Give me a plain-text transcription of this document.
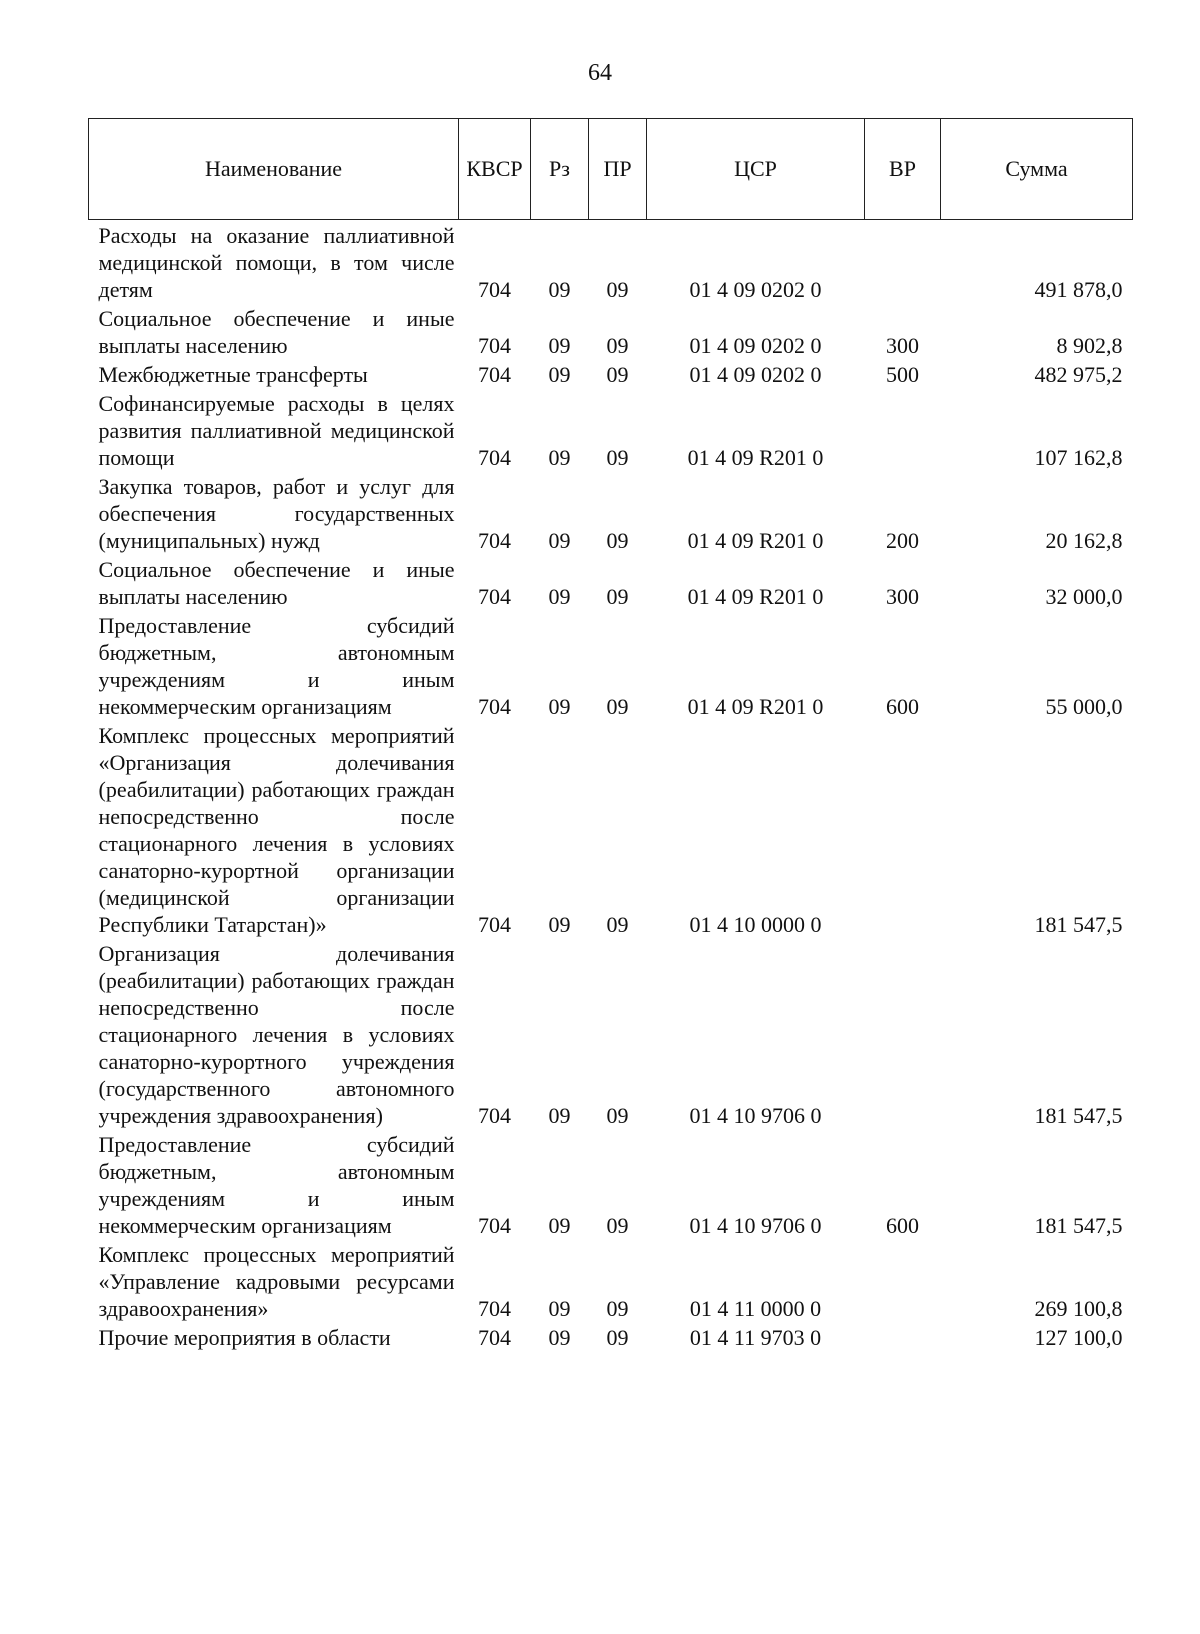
64
Наименование	КВСР	Рз	ПР	ЦСР	ВР	Сумма
Расходы на оказание паллиативной медицинской помощи, в том числе детям	704	09	09	01 4 09 0202 0		491 878,0
Социальное обеспечение и иные выплаты населению	704	09	09	01 4 09 0202 0	300	8 902,8
Межбюджетные трансферты	704	09	09	01 4 09 0202 0	500	482 975,2
Софинансируемые расходы в целях развития паллиативной медицинской помощи	704	09	09	01 4 09 R201 0		107 162,8
Закупка товаров, работ и услуг для обеспечения государственных (муниципальных) нужд	704	09	09	01 4 09 R201 0	200	20 162,8
Социальное обеспечение и иные выплаты населению	704	09	09	01 4 09 R201 0	300	32 000,0
Предоставление субсидий бюджетным, автономным учреждениям и иным некоммерческим организациям	704	09	09	01 4 09 R201 0	600	55 000,0
Комплекс процессных мероприятий «Организация долечивания (реабилитации) работающих граждан непосредственно после стационарного лечения в условиях санаторно-курортной организации (медицинской организации Республики Татарстан)»	704	09	09	01 4 10 0000 0		181 547,5
Организация долечивания (реабилитации) работающих граждан непосредственно после стационарного лечения в условиях санаторно-курортного учреждения (государственного автономного учреждения здравоохранения)	704	09	09	01 4 10 9706 0		181 547,5
Предоставление субсидий бюджетным, автономным учреждениям и иным некоммерческим организациям	704	09	09	01 4 10 9706 0	600	181 547,5
Комплекс процессных мероприятий «Управление кадровыми ресурсами здравоохранения»	704	09	09	01 4 11 0000 0		269 100,8
Прочие мероприятия в области	704	09	09	01 4 11 9703 0		127 100,0
